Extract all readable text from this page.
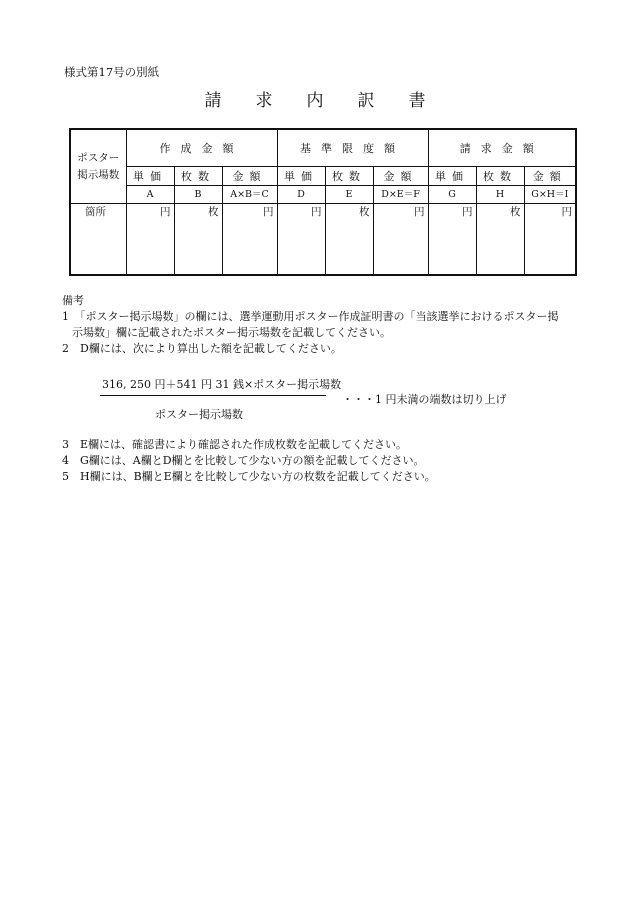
様式第17号の別紙
請求内訳書
ポスター
掲示場数	作成金額			基準限度額			請求金額		
	単価	枚数	金額	単価	枚数	金額	単価	枚数	金額
	A	B	A×B＝C	D	E	D×E＝F	G	H	G×H＝I
箇所	円	枚	円	円	枚	円	円	枚	円
備考
1　「ポスター掲示場数」の欄には、選挙運動用ポスター作成証明書の「当該選挙におけるポスター掲
示場数」欄に記載されたポスター掲示場数を記載してください。
2　D欄には、次により算出した額を記載してください。
316, 250 円＋541 円 31 銭×ポスター掲示場数
ポスター掲示場数
・・・1 円未満の端数は切り上げ
3　E欄には、確認書により確認された作成枚数を記載してください。
4　G欄には、A欄とD欄とを比較して少ない方の額を記載してください。
5　H欄には、B欄とE欄とを比較して少ない方の枚数を記載してください。
